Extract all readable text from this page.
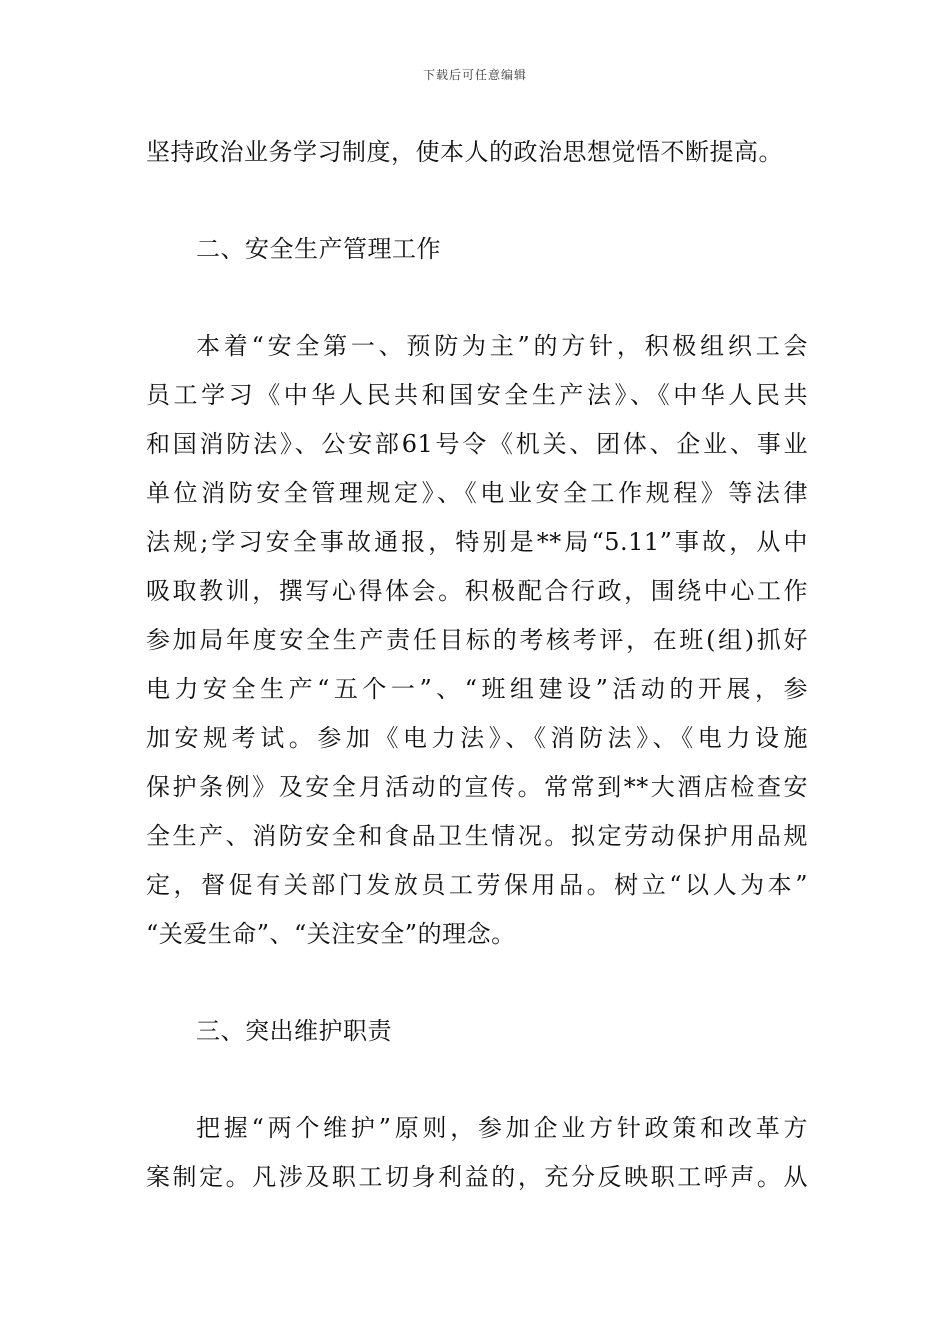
下载后可任意编辑
坚持政治业务学习制度，使本人的政治思想觉悟不断提高。
二、安全生产管理工作
本着“安全第一、预防为主”的方针，积极组织工会
员工学习《中华人民共和国安全生产法》、《中华人民共
和国消防法》、公安部61号令《机关、团体、企业、事业
单位消防安全管理规定》、《电业安全工作规程》等法律
法规;学习安全事故通报，特别是**局“5.11”事故，从中
吸取教训，撰写心得体会。积极配合行政，围绕中心工作
参加局年度安全生产责任目标的考核考评，在班(组)抓好
电力安全生产“五个一”、“班组建设”活动的开展，参
加安规考试。参加《电力法》、《消防法》、《电力设施
保护条例》及安全月活动的宣传。常常到**大酒店检查安
全生产、消防安全和食品卫生情况。拟定劳动保护用品规
定，督促有关部门发放员工劳保用品。树立“以人为本”
“关爱生命”、“关注安全”的理念。
三、突出维护职责
把握“两个维护”原则，参加企业方针政策和改革方
案制定。凡涉及职工切身利益的，充分反映职工呼声。从
